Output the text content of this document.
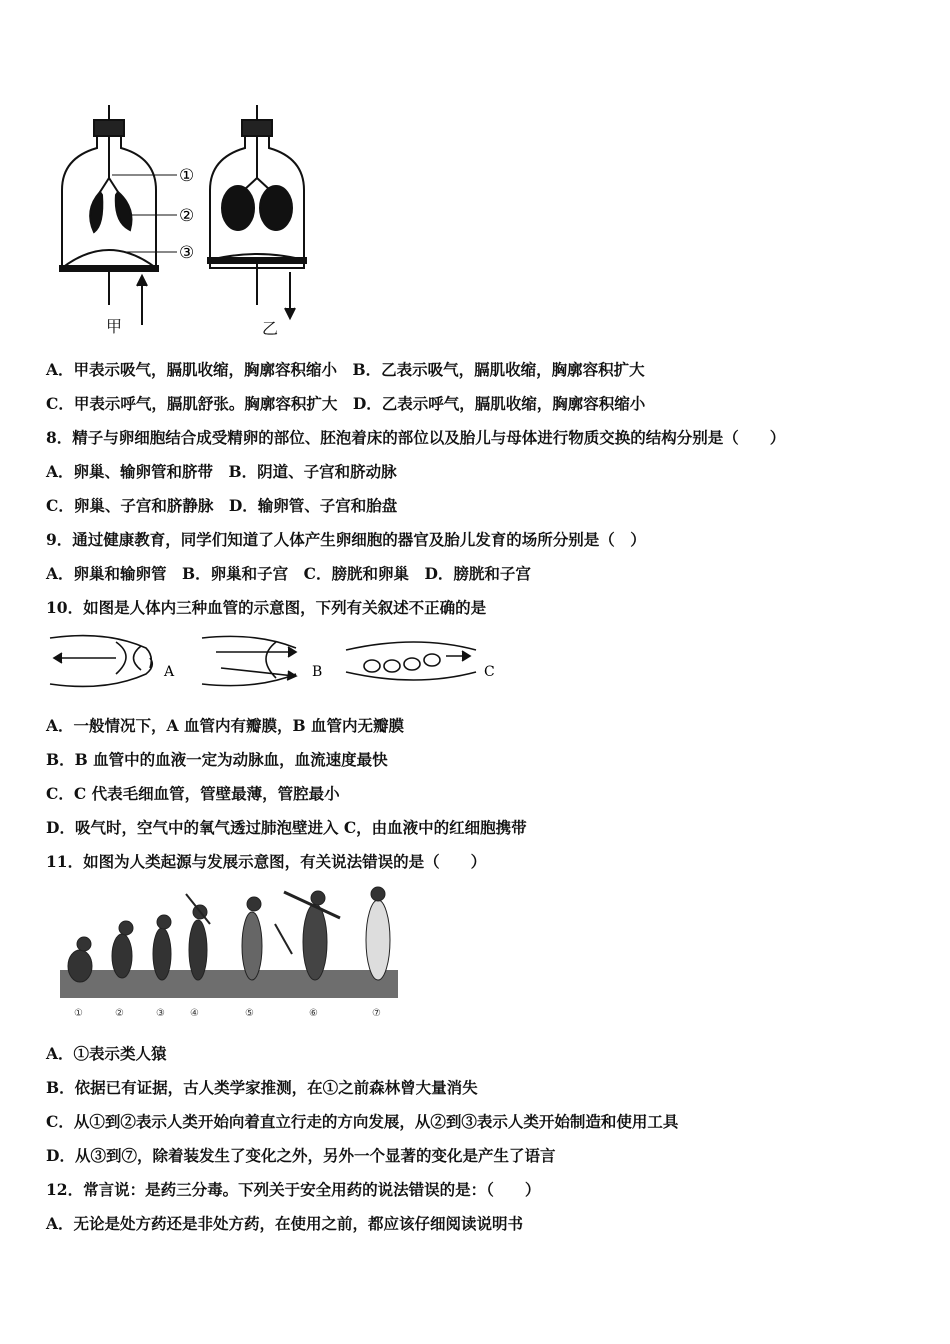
①
②
③
甲	乙
A．甲表示吸气，膈肌收缩，胸廓容积缩小　B．乙表示吸气，膈肌收缩，胸廓容积扩大
C．甲表示呼气，膈肌舒张。胸廓容积扩大　D．乙表示呼气，膈肌收缩，胸廓容积缩小
8．精子与卵细胞结合成受精卵的部位、胚泡着床的部位以及胎儿与母体进行物质交换的结构分别是（　　）
A．卵巢、输卵管和脐带　B．阴道、子宫和脐动脉
C．卵巢、子宫和脐静脉　D．输卵管、子宫和胎盘
9．通过健康教育，同学们知道了人体产生卵细胞的器官及胎儿发育的场所分别是（　）
A．卵巢和输卵管　B．卵巢和子宫　C．膀胱和卵巢　D．膀胱和子宫
10．如图是人体内三种血管的示意图，下列有关叙述不正确的是
A	B	C
A．一般情况下，A 血管内有瓣膜，B 血管内无瓣膜
B．B 血管中的血液一定为动脉血，血流速度最快
C．C 代表毛细血管，管壁最薄，管腔最小
D．吸气时，空气中的氧气透过肺泡壁进入 C，由血液中的红细胞携带
11．如图为人类起源与发展示意图，有关说法错误的是（　　）
①	②	③	④	⑤	⑥	⑦
A．①表示类人猿
B．依据已有证据，古人类学家推测，在①之前森林曾大量消失
C．从①到②表示人类开始向着直立行走的方向发展，从②到③表示人类开始制造和使用工具
D．从③到⑦，除着装发生了变化之外，另外一个显著的变化是产生了语言
12．常言说：是药三分毒。下列关于安全用药的说法错误的是：（　　）
A．无论是处方药还是非处方药，在使用之前，都应该仔细阅读说明书
